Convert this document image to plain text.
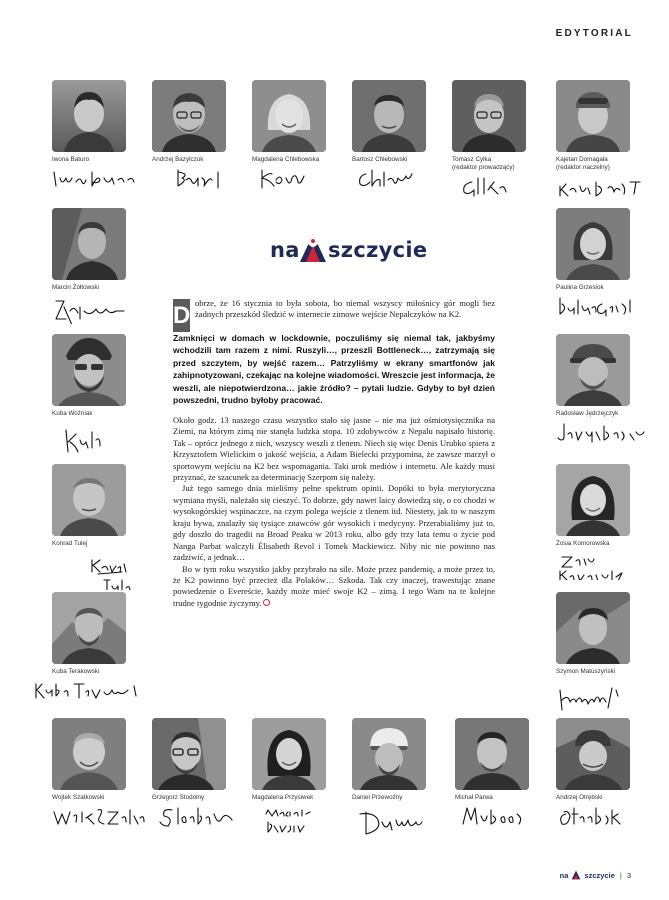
EDYTORIAL
Iwona Baturo	Andrzej Bazylczuk	Magdalena Chlebowska	Bartosz Chlebowski	Tomasz Cylka
(redaktor prowadzący)
Kajetan Domagała
(redaktor naczelny)
Marcin Żółtowski
Kuba Woźniak
Konrad Tulej
Kuba Terakowski
Paulina Grzesiok
Radosław Jędrzejczyk
Zosia Komorowska
Szymon Matuszyński
na szczycie

D obrze, że 16 stycznia to była sobota, bo niemal wszyscy miłośnicy gór mogli bez żadnych przeszkód śledzić w internecie zimowe wejście Nepalczyków na K2.

Zamknięci w domach w lockdownie, poczuliśmy się niemal tak, jakbyśmy wchodzili tam razem z nimi. Ruszyli…, przeszli Bottleneck…, zatrzymają się przed szczytem, by wejść razem… Patrzyliśmy w ekrany smartfonów jak zahipnotyzowani, czekając na kolejne wiadomości. Wreszcie jest informacja, że weszli, ale niepotwierdzona… jakie źródło? – pytali ludzie. Gdyby to był dzień powszedni, trudno byłoby pracować.

Około godz. 13 naszego czasu wszystko stało się jasne – nie ma już ośmiotysięcznika na Ziemi, na którym zimą nie stanęła ludzka stopa. 10 zdobywców z Nepalu napisało historię. Tak – oprócz jednego z nich, wszyscy weszli z tlenem. Niech się więc Denis Urubko spiera z Krzysztofem Wielickim o jakość wejścia, a Adam Bielecki przypomina, że zawsze marzył o sportowym wejściu na K2 bez wspomagania. Taki urok mediów i internetu. Ale każdy musi przyznać, że szacunek za determinację Szerpom się należy.

Już tego samego dnia mieliśmy pełne spektrum opinii. Dopóki to była merytoryczna wymiana myśli, należało się cieszyć. To dobrze, gdy nawet laicy dowiedzą się, o co chodzi w wysokogórskiej wspinaczce, na czym polega wejście z tlenem itd. Niestety, jak to w naszym kraju bywa, znalazły się tysiące znawców gór wysokich i medycyny. Przerabialiśmy już to, gdy doszło do tragedii na Broad Peaku w 2013 roku, albo gdy trzy lata temu o życie pod Nanga Parbat walczyli Élisabeth Revol i Tomek Mackiewicz. Niby nic nie powinno nas zadziwić, a jednak…

Bo w tym roku wszystko jakby przybrało na sile. Może przez pandemię, a może przez to, że K2 powinno być przecież dla Polaków… Szkoda. Tak czy inaczej, trawestując znane powiedzenie o Evereście, każdy może mieć swoje K2 – zimą. I tego Wam na te kolejne trudne tygodnie życzymy.

Wojtek Szatkowski	Grzegorz Stodolny	Magdalena Przysiwek	Daniel Przewoźny	Michał Parwa	Andrzej Otrębski
na szczycie | 3
